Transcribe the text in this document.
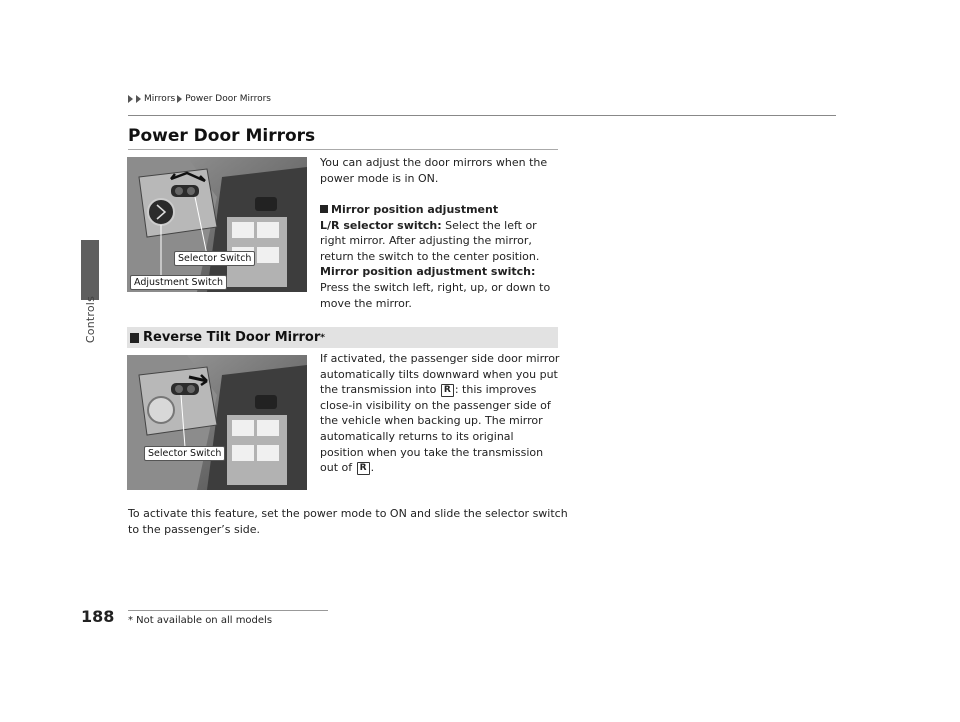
Controls
188
Mirrors Power Door Mirrors
Power Door Mirrors
Selector Switch
Adjustment Switch

You can adjust the door mirrors when the power mode is in ON.

Mirror position adjustment
L/R selector switch: Select the left or right mirror. After adjusting the mirror, return the switch to the center position.
Mirror position adjustment switch: Press the switch left, right, up, or down to move the mirror.
Reverse Tilt Door Mirror *
Selector Switch

If activated, the passenger side door mirror automatically tilts downward when you put the transmission into R : this improves close-in visibility on the passenger side of the vehicle when backing up. The mirror automatically returns to its original position when you take the transmission out of R .

To activate this feature, set the power mode to ON and slide the selector switch to the passenger’s side.

* Not available on all models
